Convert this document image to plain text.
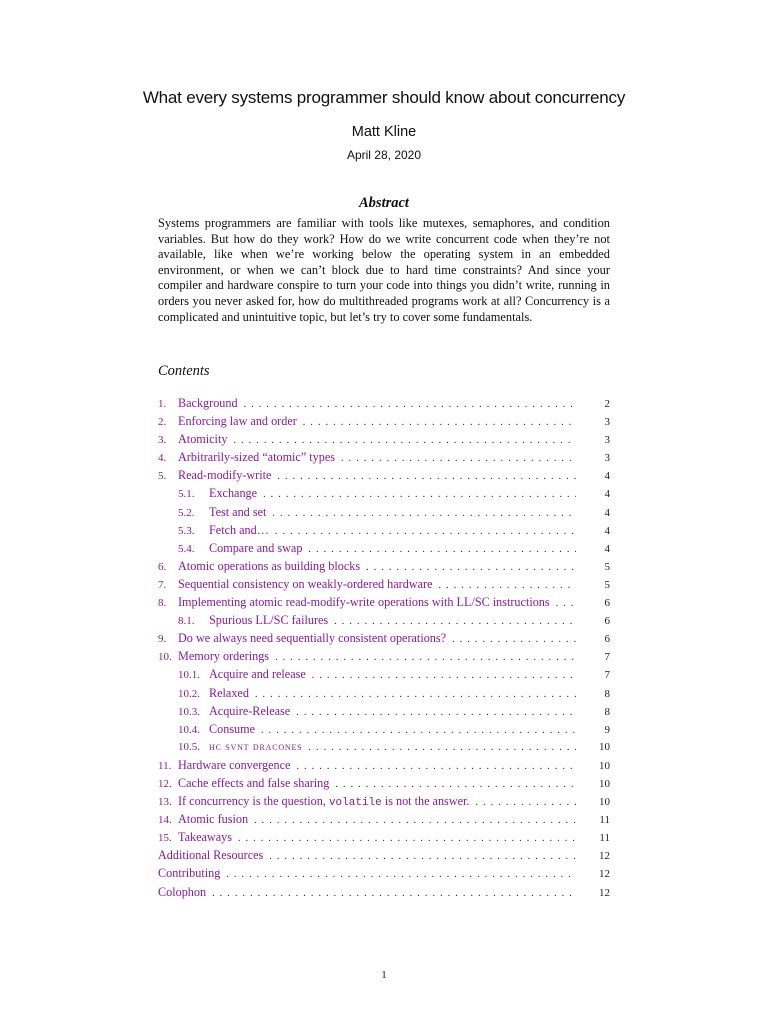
What every systems programmer should know about concurrency
Matt Kline
April 28, 2020
Abstract
Systems programmers are familiar with tools like mutexes, semaphores, and condition variables. But how do they work? How do we write concurrent code when they’re not available, like when we’re working below the operating system in an embedded environment, or when we can’t block due to hard time constraints? And since your compiler and hardware conspire to turn your code into things you didn’t write, running in orders you never asked for, how do multithreaded programs work at all? Concurrency is a complicated and unintuitive topic, but let’s try to cover some fundamentals.
Contents
1. Background . . .	2
2. Enforcing law and order . . .	3
3. Atomicity . . .	3
4. Arbitrarily-sized “atomic” types . . .	3
5. Read-modify-write . . .	4
5.1.	Exchange . . .	4
5.2.	Test and set . . .	4
5.3.	Fetch and… . . .	4
5.4.	Compare and swap . . .	4
6. Atomic operations as building blocks . . .	5
7. Sequential consistency on weakly-ordered hardware . . .	5
8. Implementing atomic read-modify-write operations with LL/SC instructions . . .	6
8.1.	Spurious LL/SC failures . . .	6
9. Do we always need sequentially consistent operations? . . .	6
10. Memory orderings . . .	7
10.1. Acquire and release . . .	7
10.2. Relaxed . . .	8
10.3. Acquire-Release . . .	8
10.4. Consume . . .	9
10.5. hc svnt dracones . . .	10
11. Hardware convergence . . .	10
12. Cache effects and false sharing . . .	10
13. If concurrency is the question, volatile is not the answer. . . .	10
14. Atomic fusion . . .	11
15. Takeaways . . .	11
Additional Resources . . .	12
Contributing . . .	12
Colophon . . .	12
1
